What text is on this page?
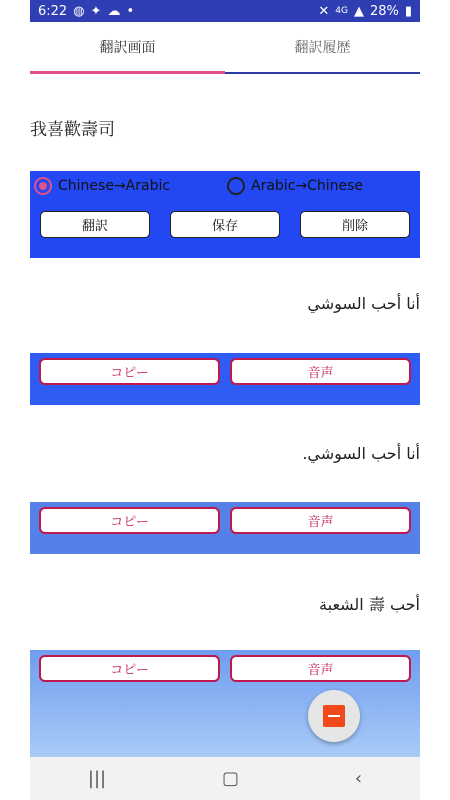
6:22 ◍ ✦ ☁ •	✕ 4G ▲ 28% ▮
翻訳画面	翻訳履歴
我喜歡壽司
Chinese→Arabic	Arabic→Chinese
翻訳	保存	削除
أنا أحب السوشي
コピー	音声
أنا أحب السوشي.
コピー	音声
أحب 壽 الشعبة
コピー	音声
|||	▢	‹
